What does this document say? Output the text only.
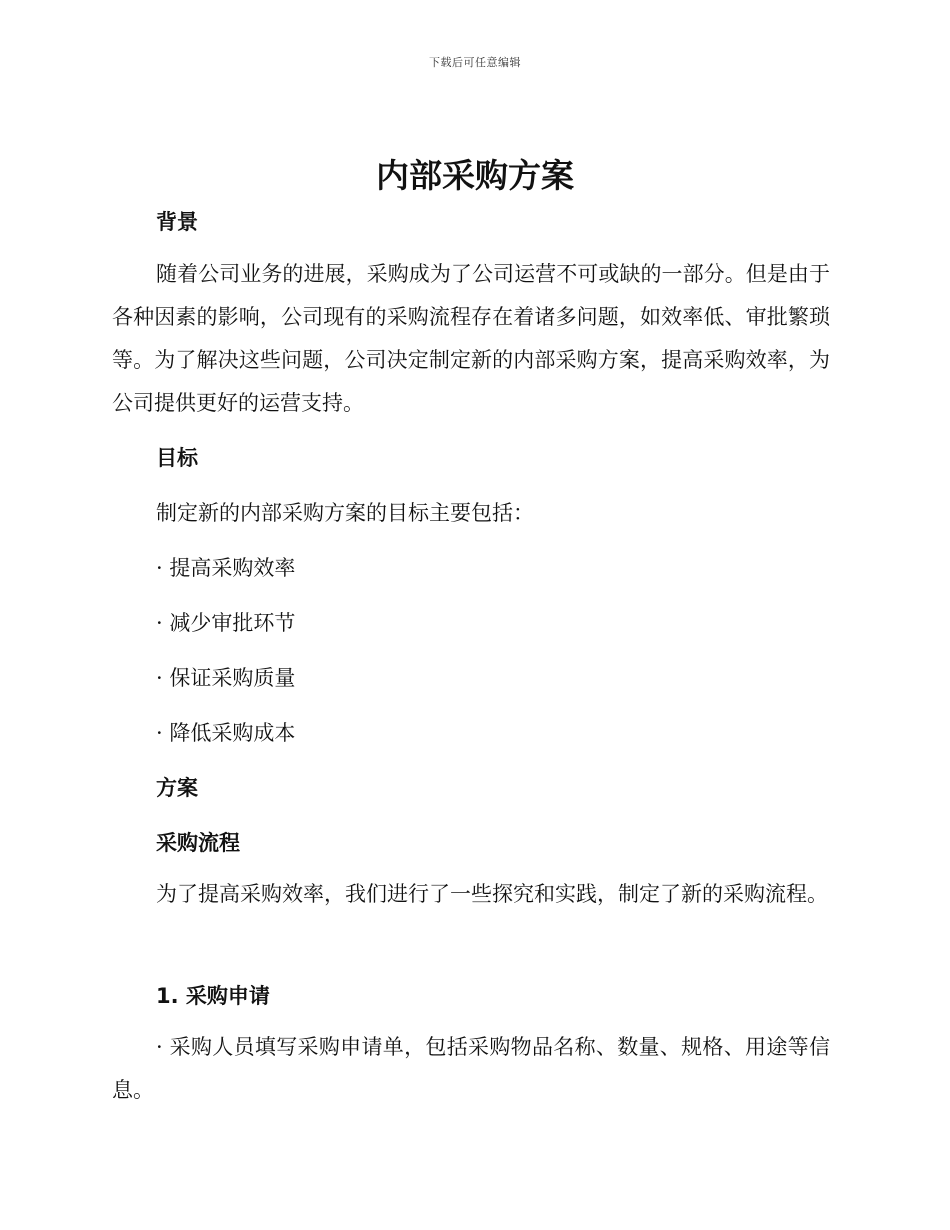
下载后可任意编辑
内部采购方案
背景

随着公司业务的进展，采购成为了公司运营不可或缺的一部分。但是由于各种因素的影响，公司现有的采购流程存在着诸多问题，如效率低、审批繁琐等。为了解决这些问题，公司决定制定新的内部采购方案，提高采购效率，为公司提供更好的运营支持。

目标

制定新的内部采购方案的目标主要包括：

· 提高采购效率

· 减少审批环节

· 保证采购质量

· 降低采购成本

方案
采购流程

为了提高采购效率，我们进行了一些探究和实践，制定了新的采购流程。

1. 采购申请

· 采购人员填写采购申请单，包括采购物品名称、数量、规格、用途等信息。
